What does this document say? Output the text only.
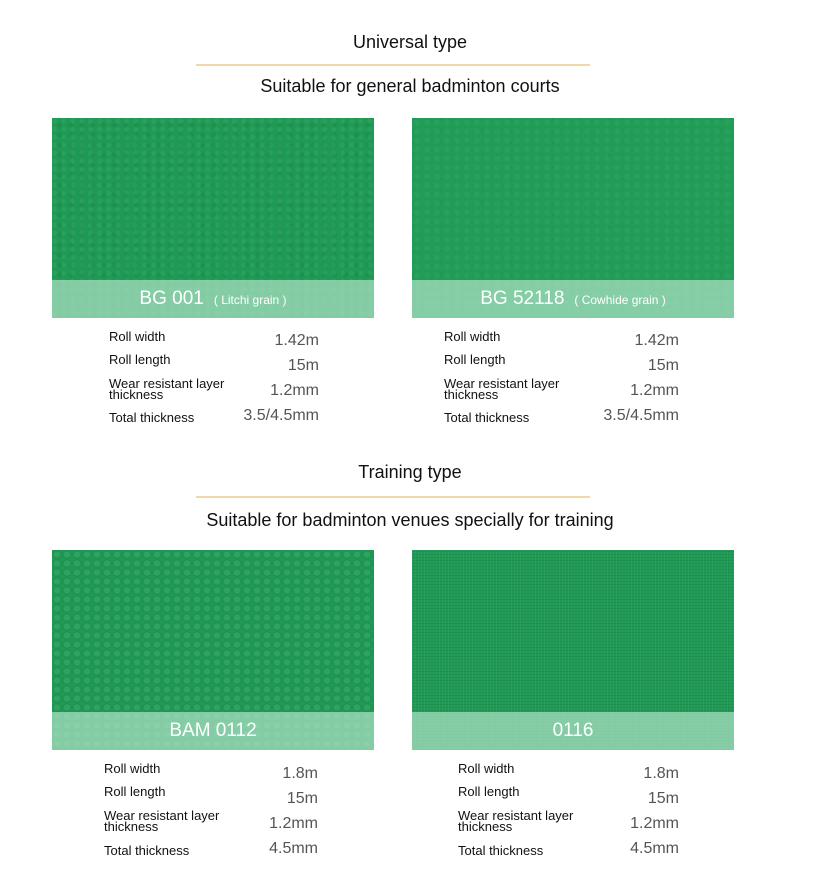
Universal type
Suitable for general badminton courts
BG 001 ( Litchi grain )	BG 52118 ( Cowhide grain )
Roll width	1.42m
Roll length	15m
Wear resistant layer thickness	1.2mm
Total thickness	3.5/4.5mm
Roll width	1.42m
Roll length	15m
Wear resistant layer thickness	1.2mm
Total thickness	3.5/4.5mm
Training type
Suitable for badminton venues specially for training
BAM 0112	0116
Roll width	1.8m
Roll length	15m
Wear resistant layer thickness	1.2mm
Total thickness	4.5mm
Roll width	1.8m
Roll length	15m
Wear resistant layer thickness	1.2mm
Total thickness	4.5mm
